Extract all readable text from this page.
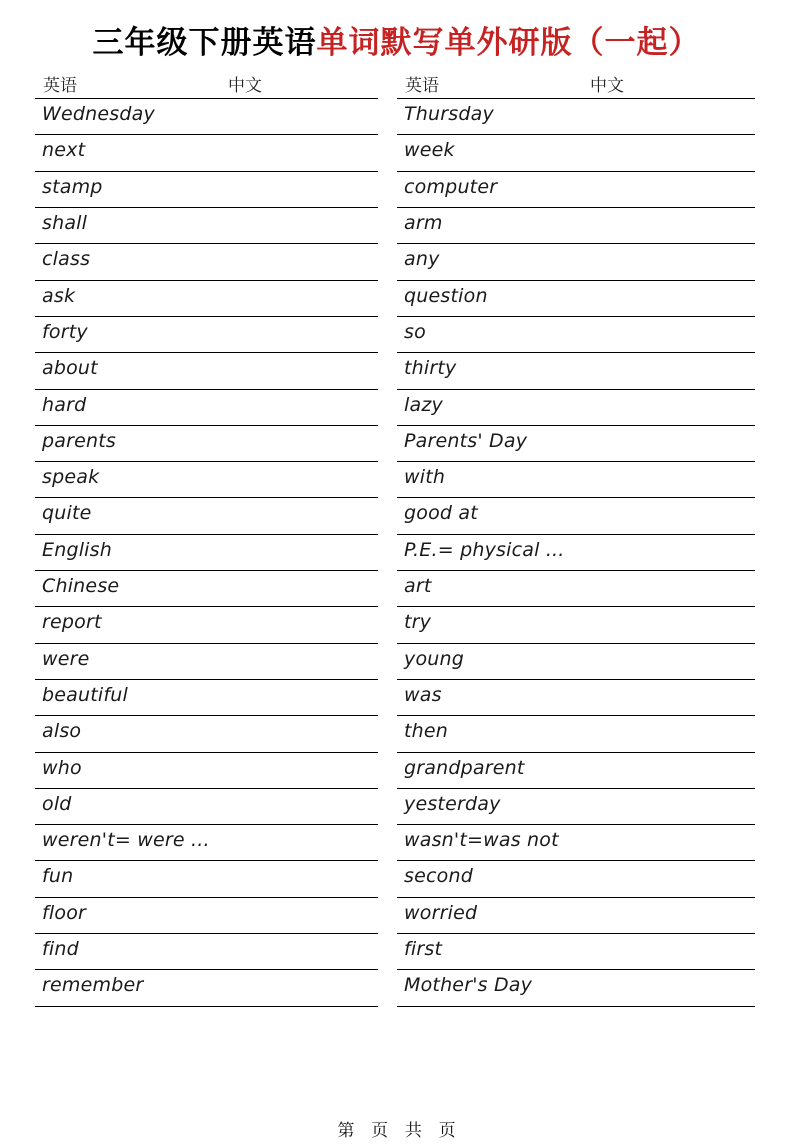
三年级下册英语单词默写单外研版（一起）
英语	中文
Wednesday
next
stamp
shall
class
ask
forty
about
hard
parents
speak
quite
English
Chinese
report
were
beautiful
also
who
old
weren't= were ...
fun
floor
find
remember
英语	中文
Thursday
week
computer
arm
any
question
so
thirty
lazy
Parents' Day
with
good at
P.E.= physical ...
art
try
young
was
then
grandparent
yesterday
wasn't=was not
second
worried
first
Mother's Day
第 页 共 页
